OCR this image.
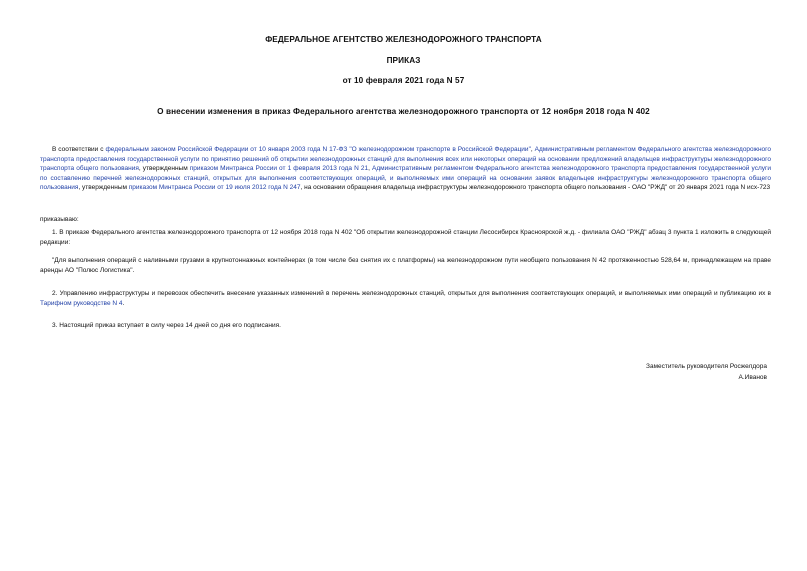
ФЕДЕРАЛЬНОЕ АГЕНТСТВО ЖЕЛЕЗНОДОРОЖНОГО ТРАНСПОРТА
ПРИКАЗ
от 10 февраля 2021 года N 57
О внесении изменения в приказ Федерального агентства железнодорожного транспорта от 12 ноября 2018 года N 402
В соответствии с федеральным законом Российской Федерации от 10 января 2003 года N 17-ФЗ "О железнодорожном транспорте в Российской Федерации", Административным регламентом Федерального агентства железнодорожного транспорта предоставления государственной услуги по принятию решений об открытии железнодорожных станций для выполнения всех или некоторых операций на основании предложений владельцев инфраструктуры железнодорожного транспорта общего пользования, утвержденным приказом Минтранса России от 1 февраля 2013 года N 21, Административным регламентом Федерального агентства железнодорожного транспорта предоставления государственной услуги по составлению перечней железнодорожных станций, открытых для выполнения соответствующих операций, и выполняемых ими операций на основании заявок владельцев инфраструктуры железнодорожного транспорта общего пользования, утвержденным приказом Минтранса России от 19 июля 2012 года N 247, на основании обращения владельца инфраструктуры железнодорожного транспорта общего пользования - ОАО "РЖД" от 20 января 2021 года N исх-723
приказываю:
1. В приказе Федерального агентства железнодорожного транспорта от 12 ноября 2018 года N 402 "Об открытии железнодорожной станции Лесосибирск Красноярской ж.д. - филиала ОАО "РЖД" абзац 3 пункта 1 изложить в следующей редакции:
"Для выполнения операций с наливными грузами в крупнотоннажных контейнерах (в том числе без снятия их с платформы) на железнодорожном пути необщего пользования N 42 протяженностью 528,64 м, принадлежащем на праве аренды АО "Полюс Логистика".
2. Управлению инфраструктуры и перевозок обеспечить внесение указанных изменений в перечень железнодорожных станций, открытых для выполнения соответствующих операций, и выполняемых ими операций и публикацию их в Тарифном руководстве N 4.
3. Настоящий приказ вступает в силу через 14 дней со дня его подписания.
Заместитель руководителя Росжелдора
А.Иванов
